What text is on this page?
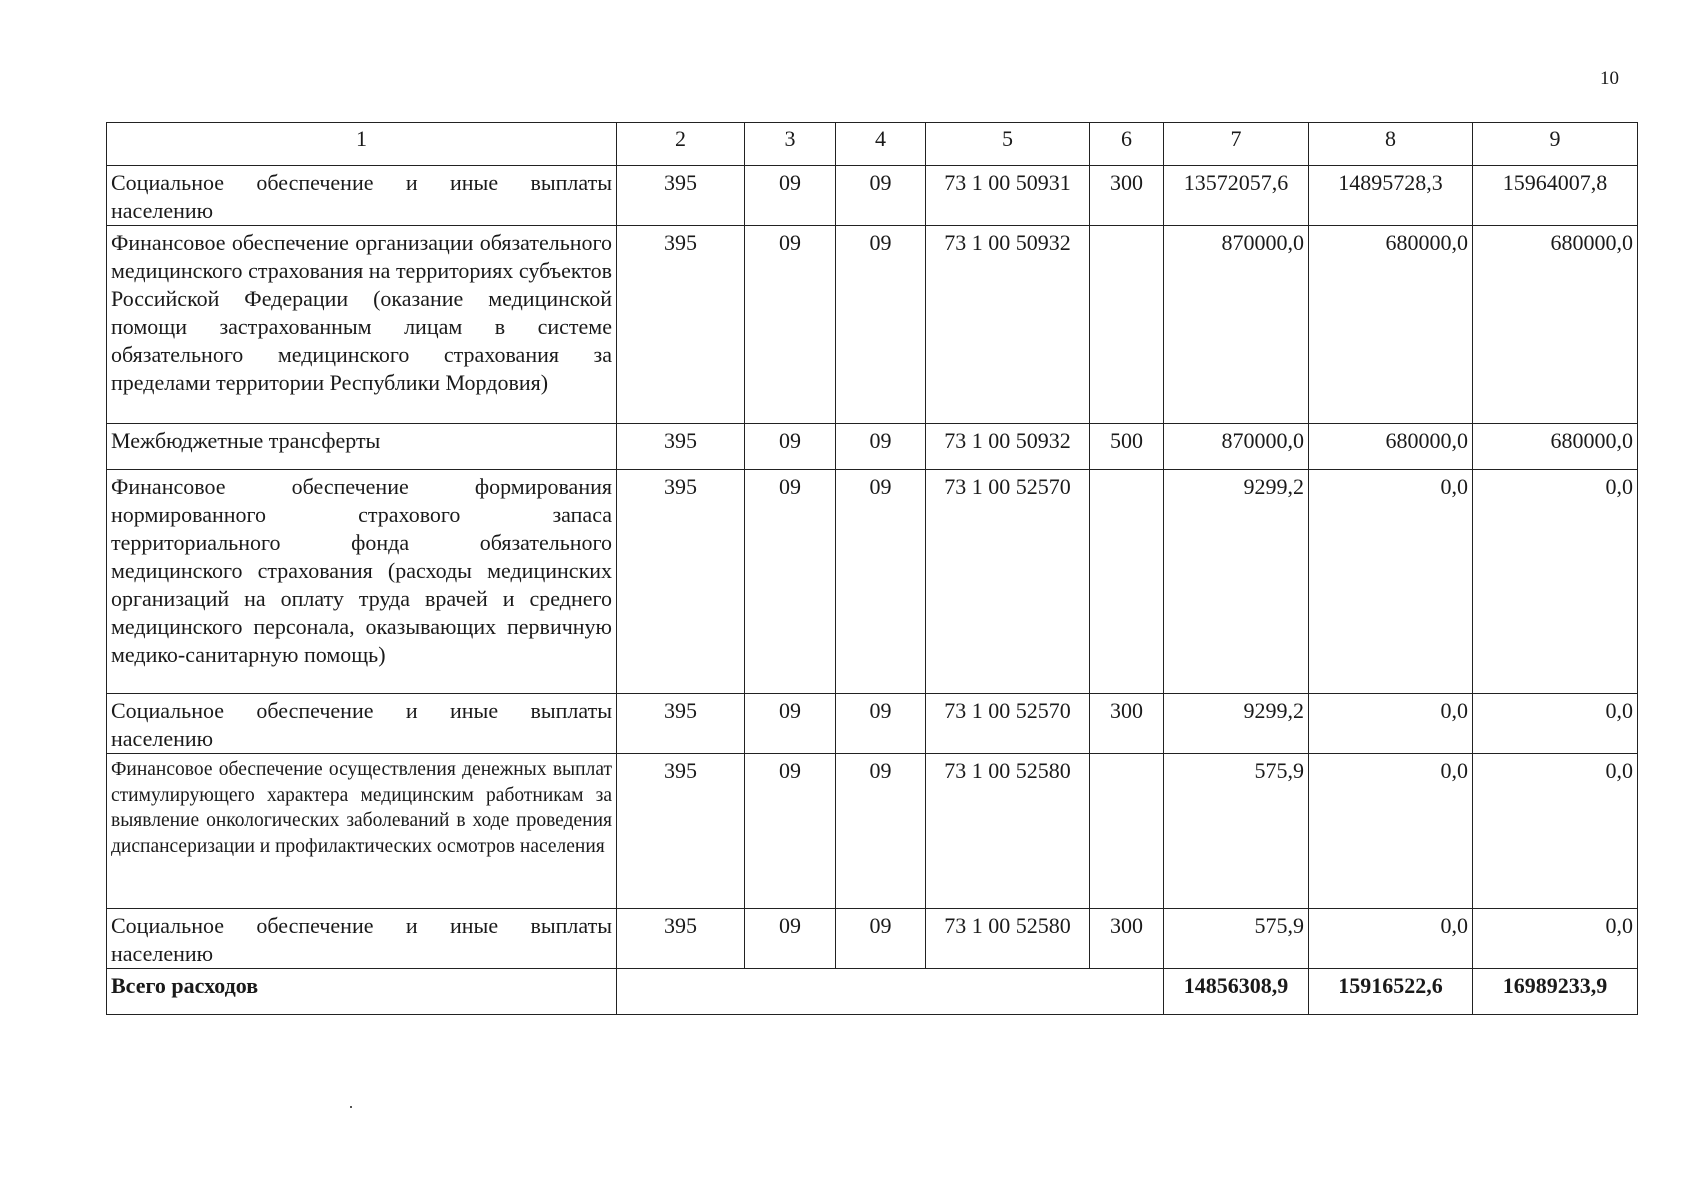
10
1	2	3	4	5	6	7	8	9
Социальное обеспечение и иные выплаты населению	395	09	09	73 1 00 50931	300	13572057,6	14895728,3	15964007,8
Финансовое обеспечение организации обязательного медицинского страхования на территориях субъектов Российской Федерации (оказание медицинской помощи застрахованным лицам в системе обязательного медицинского страхования за пределами территории Республики Мордовия)	395	09	09	73 1 00 50932		870000,0	680000,0	680000,0
Межбюджетные трансферты	395	09	09	73 1 00 50932	500	870000,0	680000,0	680000,0
Финансовое обеспечение формирования нормированного страхового запаса территориального фонда обязательного медицинского страхования (расходы медицинских организаций на оплату труда врачей и среднего медицинского персонала, оказывающих первичную медико-санитарную помощь)	395	09	09	73 1 00 52570		9299,2	0,0	0,0
Социальное обеспечение и иные выплаты населению	395	09	09	73 1 00 52570	300	9299,2	0,0	0,0
Финансовое обеспечение осуществления денежных выплат стимулирующего характера медицинским работникам за выявление онкологических заболеваний в ходе проведения диспансеризации и профилактических осмотров населения	395	09	09	73 1 00 52580		575,9	0,0	0,0
Социальное обеспечение и иные выплаты населению	395	09	09	73 1 00 52580	300	575,9	0,0	0,0
Всего расходов						14856308,9	15916522,6	16989233,9
